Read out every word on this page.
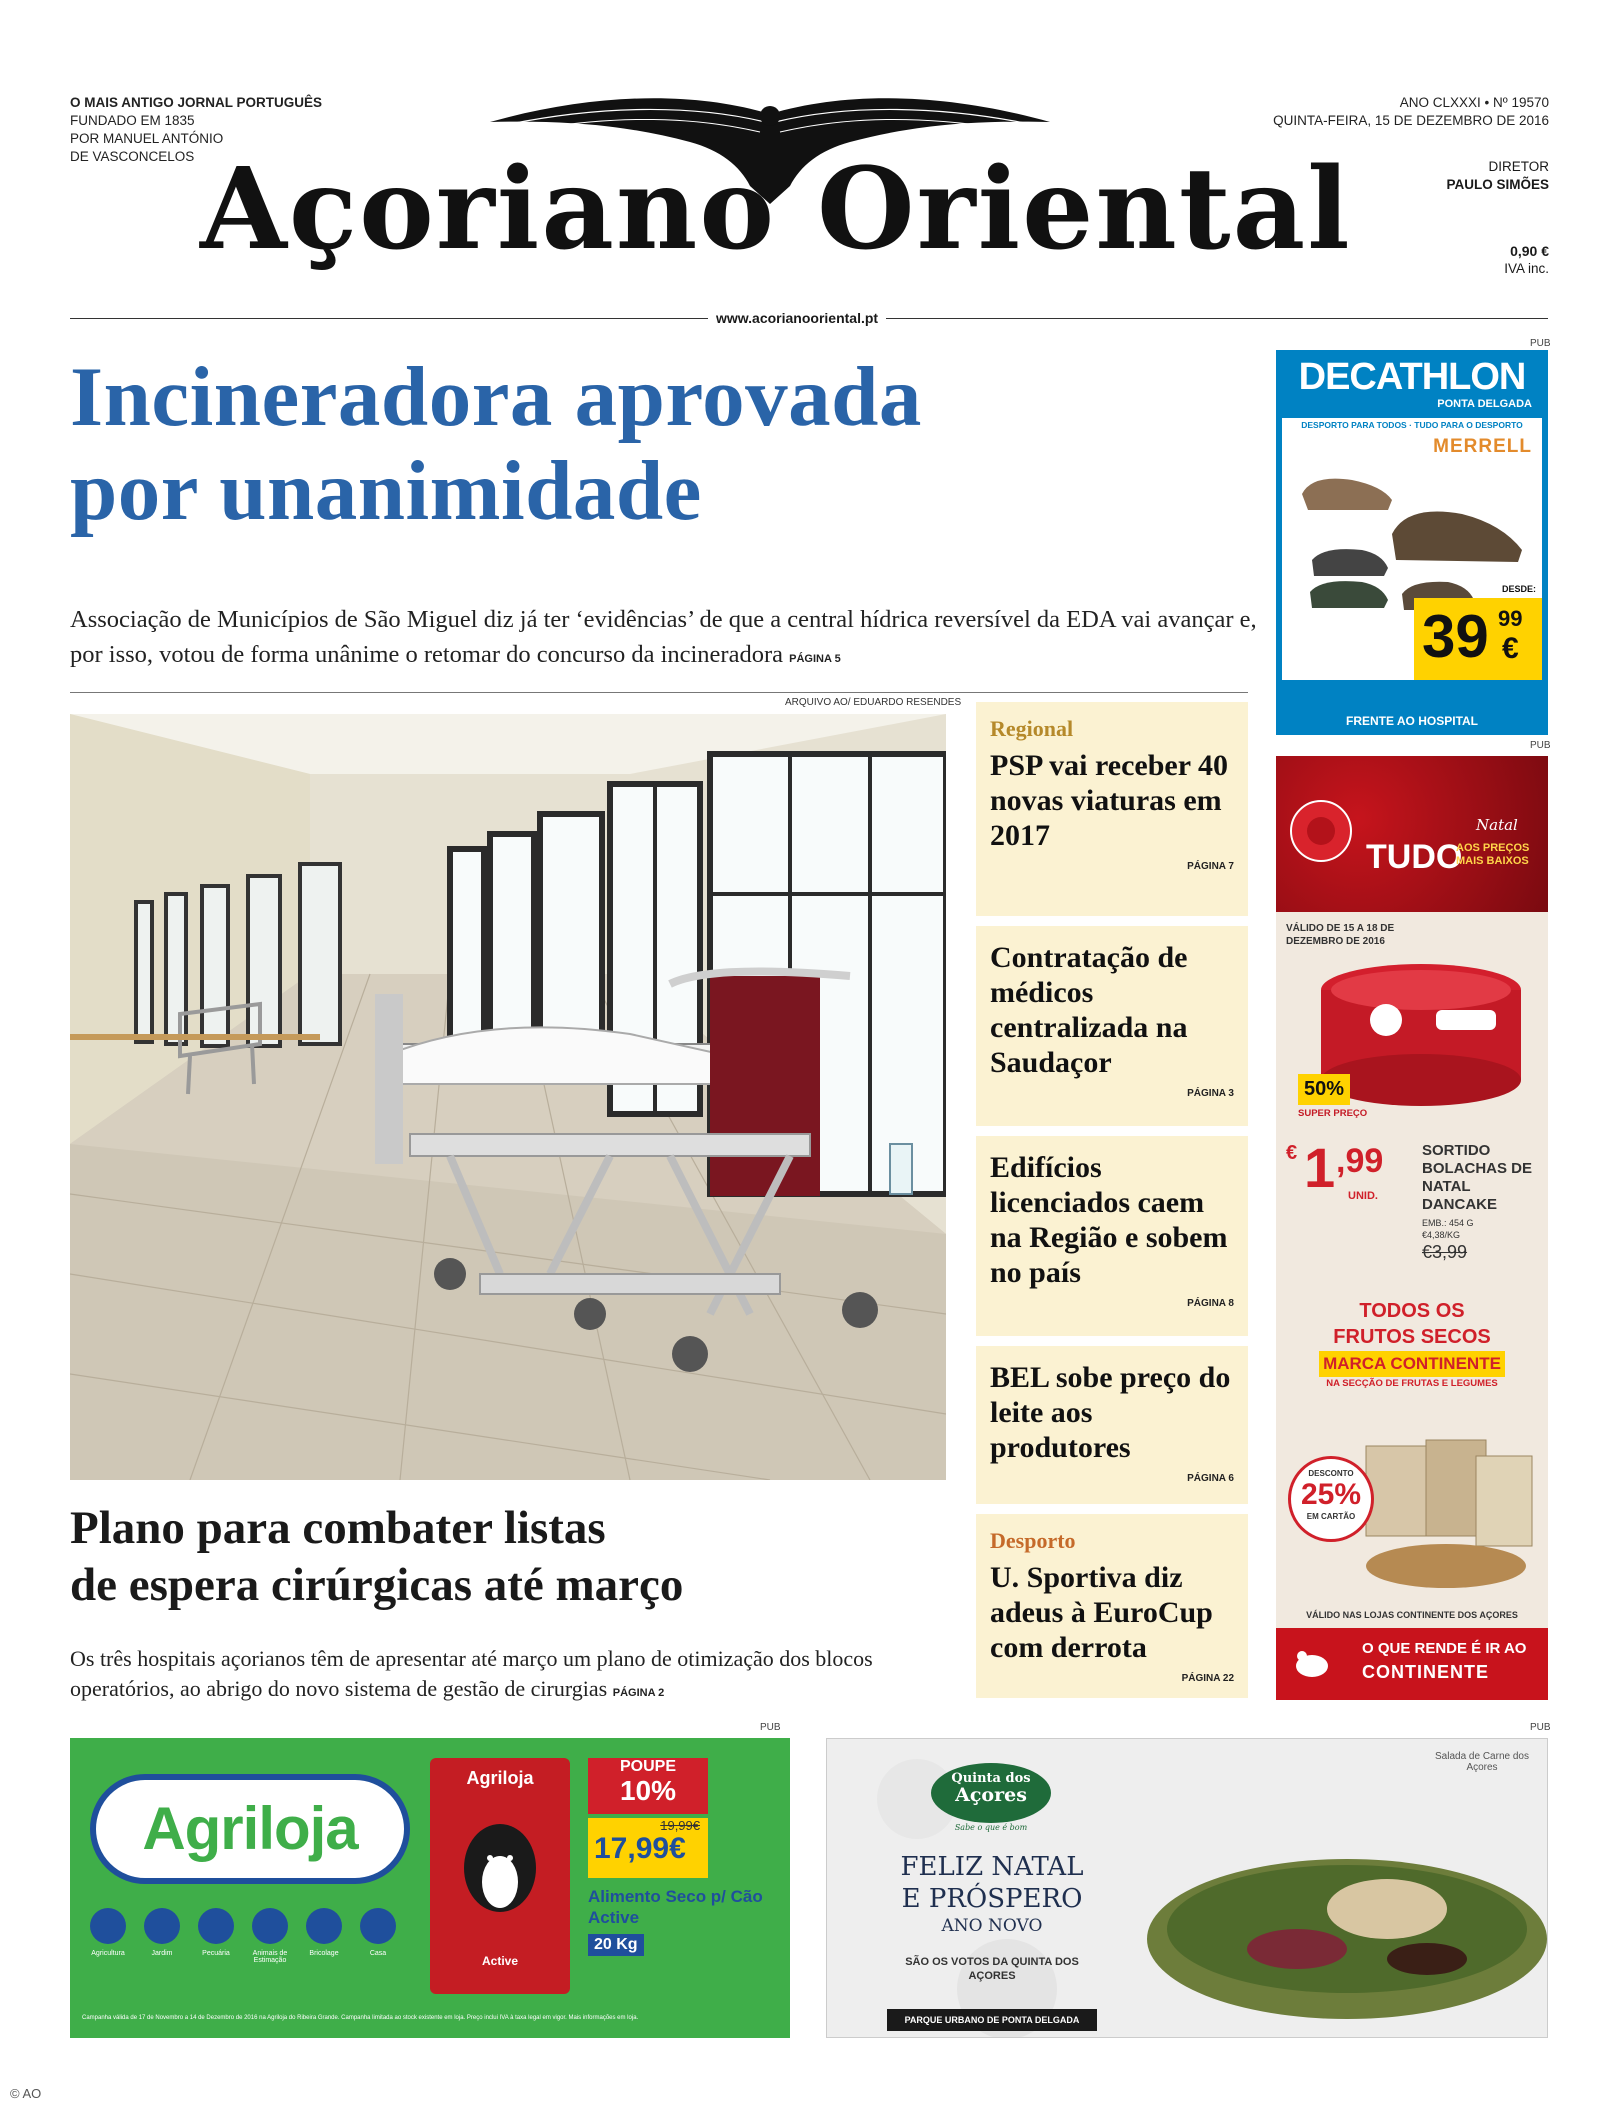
O MAIS ANTIGO JORNAL PORTUGUÊS
FUNDADO EM 1835
POR MANUEL ANTÓNIO
DE VASCONCELOS Açoriano Oriental
ANO CLXXXI • Nº 19570
QUINTA-FEIRA, 15 DE DEZEMBRO DE 2016
DIRETOR
PAULO SIMÕES
0,90 €
IVA inc.
www.acorianooriental.pt
Incineradora aprovada
por unanimidade
Associação de Municípios de São Miguel diz já ter ‘evidências’ de que a central hídrica reversível da EDA vai avançar e, por isso, votou de forma unânime o retomar do concurso da incineradora PÁGINA 5
ARQUIVO AO/ EDUARDO RESENDES
Plano para combater listas
de espera cirúrgicas até março
Os três hospitais açorianos têm de apresentar até março um plano de otimização dos blocos operatórios, ao abrigo do novo sistema de gestão de cirurgias PÁGINA 2
Regional
PSP vai receber 40 novas viaturas em 2017
PÁGINA 7
Contratação de médicos centralizada na Saudaçor
PÁGINA 3
Edifícios licenciados caem na Região e sobem no país
PÁGINA 8
BEL sobe preço do leite aos produtores
PÁGINA 6
Desporto
U. Sportiva diz adeus à EuroCup com derrota
PÁGINA 22
PUB
DECATHLON
PONTA DELGADA
DESPORTO PARA TODOS · TUDO PARA O DESPORTO
MERRELL
DESDE:
39 99
€
FRENTE AO HOSPITAL
PUB
Natal
TUDO
AOS PREÇOS
MAIS BAIXOS
VÁLIDO DE 15 A 18 DE DEZEMBRO DE 2016
50%
SUPER PREÇO
€ 1 ,99
UNID.
SORTIDO BOLACHAS DE NATAL DANCAKE
EMB.: 454 G
€4,38/KG
€3,99
TODOS OS
FRUTOS SECOS
MARCA CONTINENTE
NA SECÇÃO DE FRUTAS E LEGUMES
DESCONTO
25%
EM CARTÃO
VÁLIDO NAS LOJAS CONTINENTE DOS AÇORES
O QUE RENDE É IR AO
CONTINENTE
PUB
Agriloja
Agricultura	Jardim	Pecuária	Animais de Estimação
Bricolage	Casa
Agriloja
Active
POUPE
10%
19,99€
17,99€
Alimento Seco p/ Cão Active
20 Kg
Campanha válida de 17 de Novembro a 14 de Dezembro de 2016 na Agriloja do Ribeira Grande. Campanha limitada ao stock existente em loja. Preço inclui IVA à taxa legal em vigor. Mais informações em loja.
PUB
Quinta dos
Açores
Sabe o que é bom
Salada de Carne dos Açores
FELIZ NATAL
E PRÓSPERO
ANO NOVO
SÃO OS VOTOS DA QUINTA DOS AÇORES
PARQUE URBANO DE PONTA DELGADA
© AO
